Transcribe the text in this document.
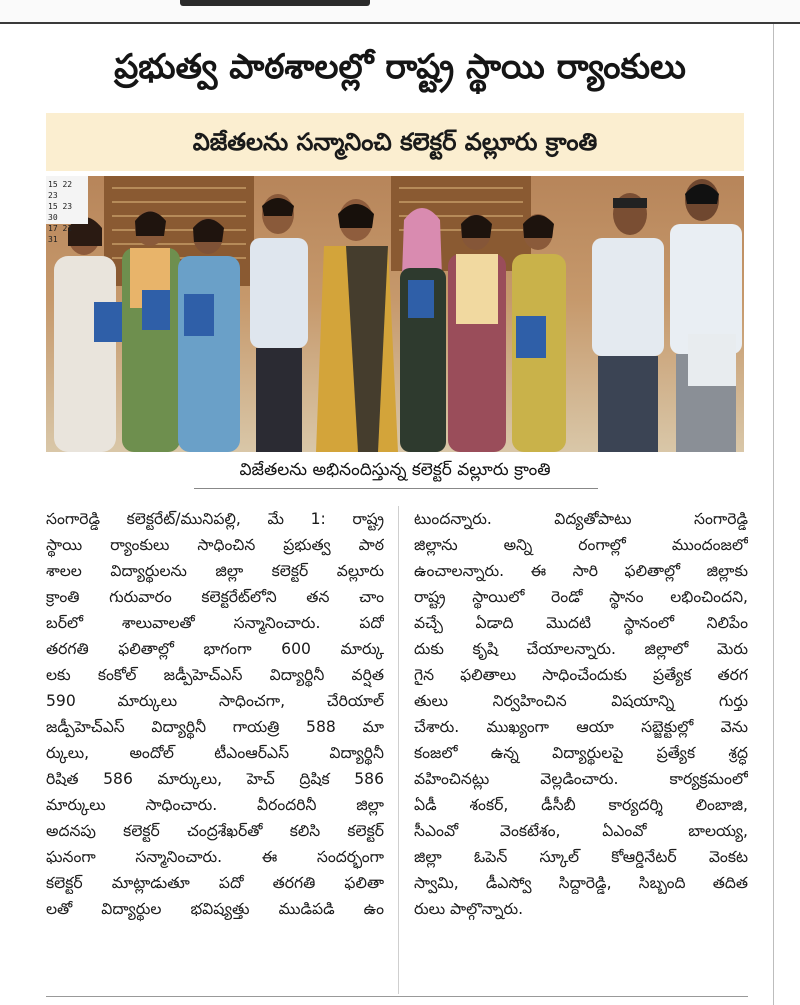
ప్రభుత్వ పాఠశాలల్లో రాష్ట్ర స్థాయి ర్యాంకులు
విజేతలను సన్మానించి కలెక్టర్ వల్లూరు క్రాంతి
15 22 23
15 23 30
17 21 31
విజేతలను అభినందిస్తున్న కలెక్టర్ వల్లూరు క్రాంతి
సంగారెడ్డి కలెక్టరేట్/మునిపల్లి, మే 1: రాష్ట్ర
స్థాయి ర్యాంకులు సాధించిన ప్రభుత్వ పాఠ
శాలల విద్యార్థులను జిల్లా కలెక్టర్ వల్లూరు
క్రాంతి గురువారం కలెక్టరేట్‌లోని తన చాం
బర్‌లో శాలువాలతో సన్మానించారు. పదో
తరగతి ఫలితాల్లో భాగంగా 600 మార్కు
లకు కంకోల్ జడ్పీహెచ్ఎస్ విద్యార్థినీ వర్షిత
590 మార్కులు సాధించగా, చేరియాల్
జడ్పీహెచ్ఎస్ విద్యార్థినీ గాయత్రి 588 మా
ర్కులు, అందోల్ టీఎంఆర్ఎస్ విద్యార్థినీ
రిషిత 586 మార్కులు, హెచ్ ద్రిషిక 586
మార్కులు సాధించారు. వీరందరినీ జిల్లా
అదనపు కలెక్టర్ చంద్రశేఖర్‌తో కలిసి కలెక్టర్
ఘనంగా సన్మానించారు. ఈ సందర్భంగా
కలెక్టర్ మాట్లాడుతూ పదో తరగతి ఫలితా
లతో విద్యార్థుల భవిష్యత్తు ముడిపడి ఉం
టుందన్నారు. విద్యతోపాటు సంగారెడ్డి
జిల్లాను అన్ని రంగాల్లో ముందంజలో
ఉంచాలన్నారు. ఈ సారి ఫలితాల్లో జిల్లాకు
రాష్ట్ర స్థాయిలో రెండో స్థానం లభించిందని,
వచ్చే ఏడాది మొదటి స్థానంలో నిలిపేం
దుకు కృషి చేయాలన్నారు. జిల్లాలో మెరు
గైన ఫలితాలు సాధించేందుకు ప్రత్యేక తరగ
తులు నిర్వహించిన విషయాన్ని గుర్తు
చేశారు. ముఖ్యంగా ఆయా సబ్జెక్టుల్లో వెను
కంజలో ఉన్న విద్యార్థులపై ప్రత్యేక శ్రద్ధ
వహించినట్లు వెల్లడించారు. కార్యక్రమంలో
ఏడీ శంకర్, డీసీబీ కార్యదర్శి లింబాజి,
సీఎంవో వెంకటేశం, ఏఎంవో బాలయ్య,
జిల్లా ఓపెన్ స్కూల్ కోఆర్డినేటర్ వెంకట
స్వామి, డీఎస్వో సిద్దారెడ్డి, సిబ్బంది తదిత
రులు పాల్గొన్నారు.
